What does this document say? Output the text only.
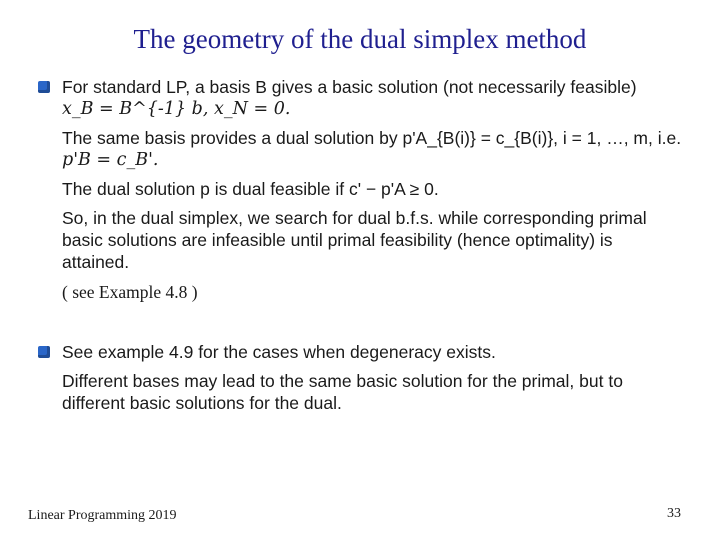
The geometry of the dual simplex method
For standard LP, a basis B gives a basic solution (not necessarily feasible)
x_B = B^{-1} b, x_N = 0.
The same basis provides a dual solution by p'A_{B(i)} = c_{B(i)}, i = 1, …, m, i.e.
p'B = c_B'.
The dual solution p is dual feasible if c' − p'A ≥ 0.
So, in the dual simplex, we search for dual b.f.s. while corresponding primal
basic solutions are infeasible until primal feasibility (hence optimality) is
attained.
( see Example 4.8 )
See example 4.9 for the cases when degeneracy exists.
Different bases may lead to the same basic solution for the primal, but to
different basic solutions for the dual.
Linear Programming 2019	33
